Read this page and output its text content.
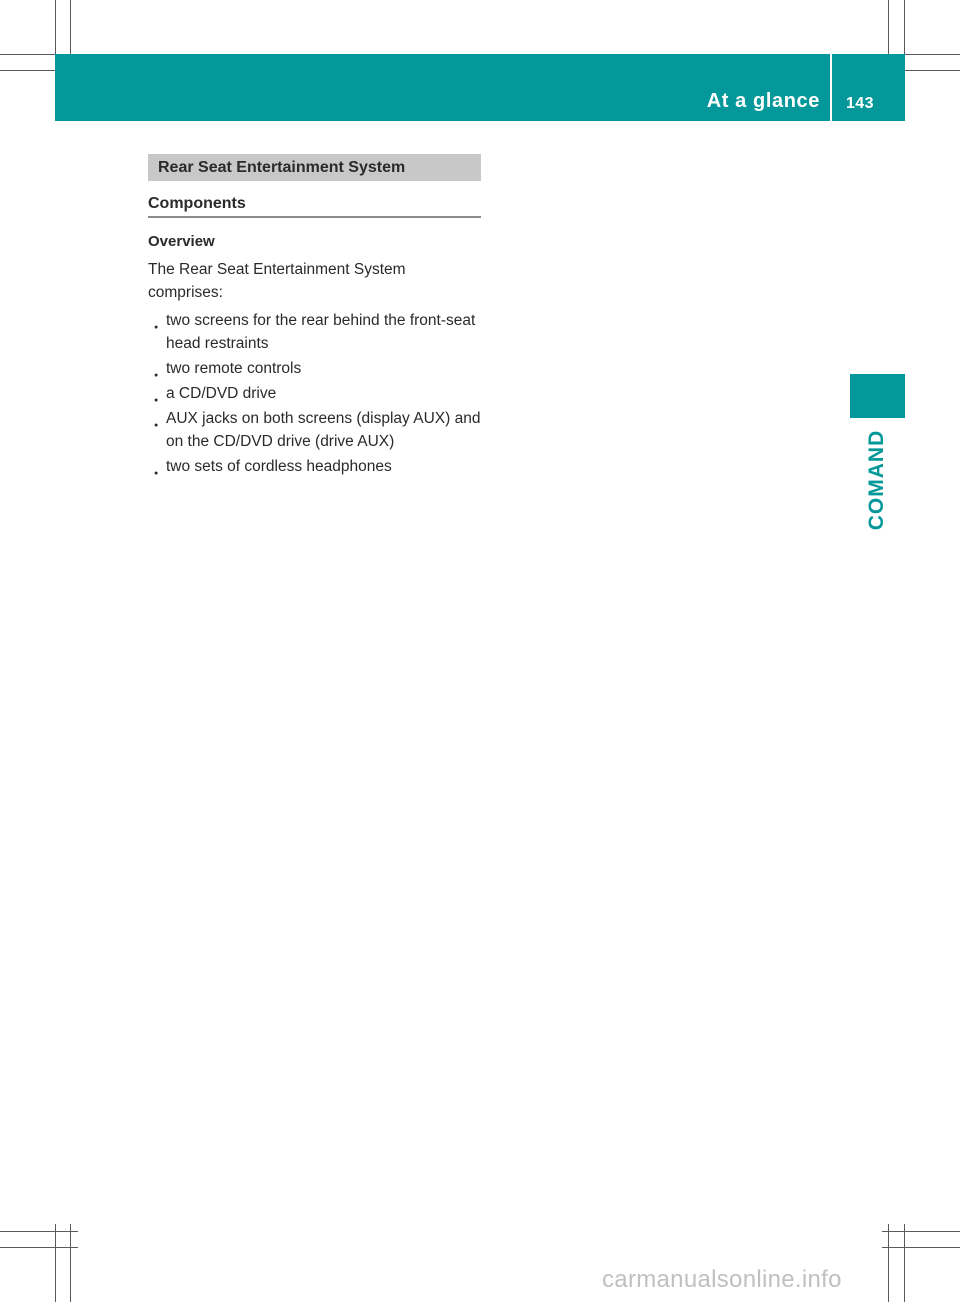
At a glance 143
COMAND
Rear Seat Entertainment System
Components
Overview
The Rear Seat Entertainment System comprises:
● two screens for the rear behind the front-seat head restraints
● two remote controls
● a CD/DVD drive
● AUX jacks on both screens (display AUX) and on the CD/DVD drive (drive AUX)
● two sets of cordless headphones
carmanualsonline.info
